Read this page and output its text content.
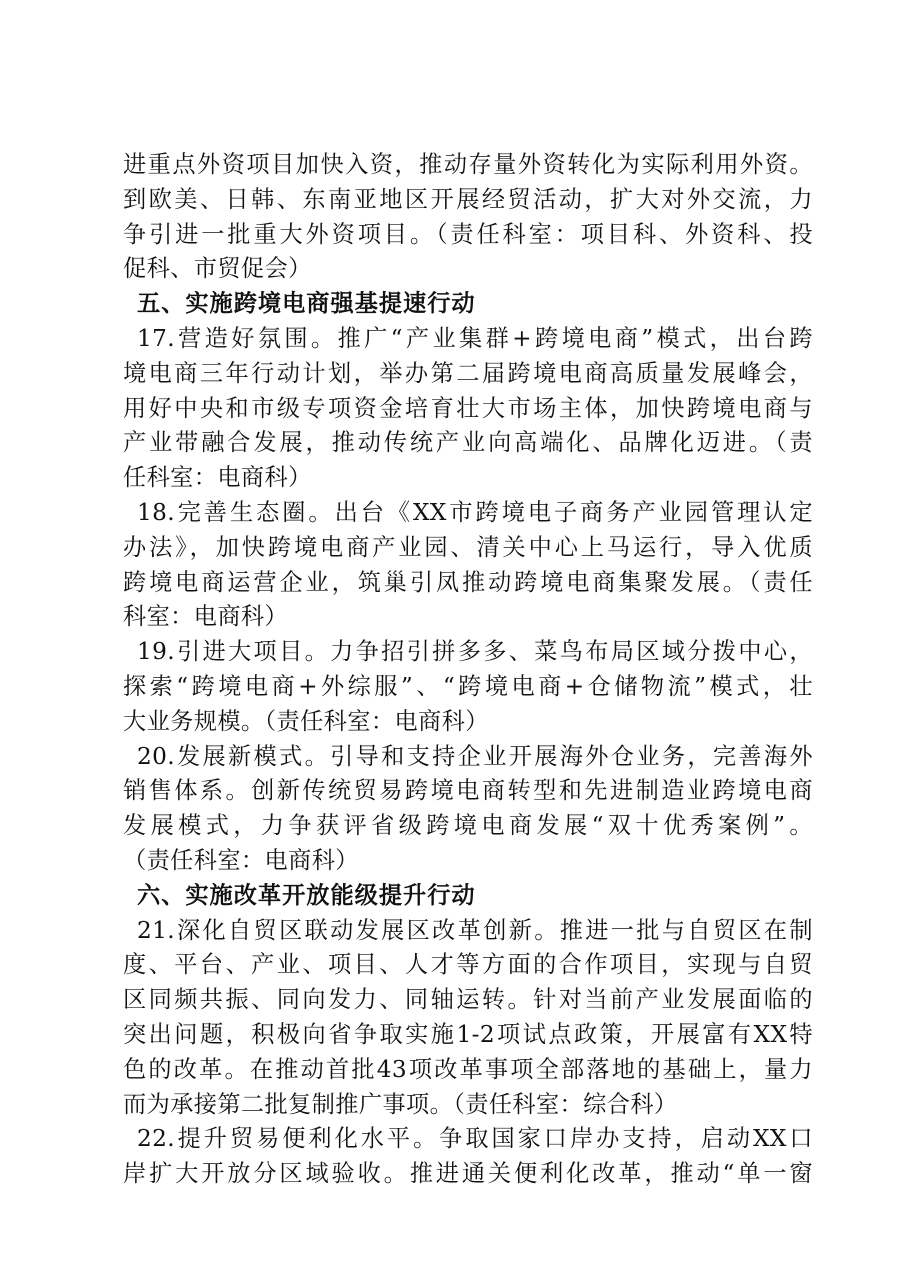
进重点外资项目加快入资，推动存量外资转化为实际利用外资。
到欧美、日韩、东南亚地区开展经贸活动，扩大对外交流，力
争引进一批重大外资项目。（责任科室：项目科、外资科、投
促科、市贸促会）
五、实施跨境电商强基提速行动
17.营造好氛围。推广“产业集群+跨境电商”模式，出台跨
境电商三年行动计划，举办第二届跨境电商高质量发展峰会，
用好中央和市级专项资金培育壮大市场主体，加快跨境电商与
产业带融合发展，推动传统产业向高端化、品牌化迈进。（责
任科室：电商科）
18.完善生态圈。出台《XX市跨境电子商务产业园管理认定
办法》，加快跨境电商产业园、清关中心上马运行，导入优质
跨境电商运营企业，筑巢引凤推动跨境电商集聚发展。（责任
科室：电商科）
19.引进大项目。力争招引拼多多、菜鸟布局区域分拨中心，
探索“跨境电商+外综服”、“跨境电商+仓储物流”模式，壮
大业务规模。（责任科室：电商科）
20.发展新模式。引导和支持企业开展海外仓业务，完善海外
销售体系。创新传统贸易跨境电商转型和先进制造业跨境电商
发展模式，力争获评省级跨境电商发展“双十优秀案例”。
（责任科室：电商科）
六、实施改革开放能级提升行动
21.深化自贸区联动发展区改革创新。推进一批与自贸区在制
度、平台、产业、项目、人才等方面的合作项目，实现与自贸
区同频共振、同向发力、同轴运转。针对当前产业发展面临的
突出问题，积极向省争取实施1-2项试点政策，开展富有XX特
色的改革。在推动首批43项改革事项全部落地的基础上，量力
而为承接第二批复制推广事项。（责任科室：综合科）
22.提升贸易便利化水平。争取国家口岸办支持，启动XX口
岸扩大开放分区域验收。推进通关便利化改革，推动“单一窗
